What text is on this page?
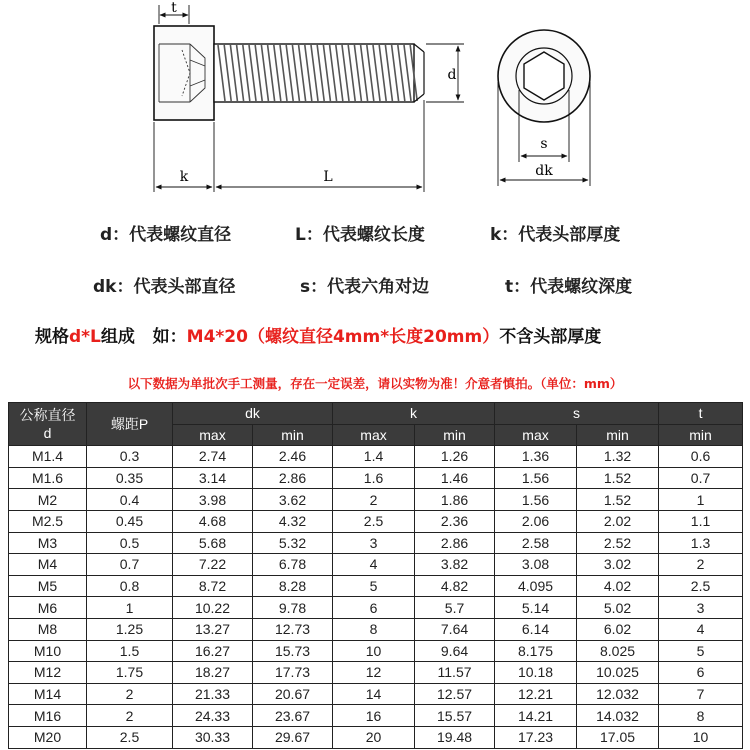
t
d
k	L
s
dk
d：代表螺纹直径	L：代表螺纹长度	k：代表头部厚度
dk：代表头部直径	s：代表六角对边	t：代表螺纹深度
规格d*L组成   如：M4*20（螺纹直径4mm*长度20mm）不含头部厚度
以下数据为单批次手工测量，存在一定误差，请以实物为准！介意者慎拍。（单位：mm）
公称直径
d	螺距P	dk		k		s		t
		max	min	max	min	max	min	min
M1.4	0.3	2.74	2.46	1.4	1.26	1.36	1.32	0.6
M1.6	0.35	3.14	2.86	1.6	1.46	1.56	1.52	0.7
M2	0.4	3.98	3.62	2	1.86	1.56	1.52	1
M2.5	0.45	4.68	4.32	2.5	2.36	2.06	2.02	1.1
M3	0.5	5.68	5.32	3	2.86	2.58	2.52	1.3
M4	0.7	7.22	6.78	4	3.82	3.08	3.02	2
M5	0.8	8.72	8.28	5	4.82	4.095	4.02	2.5
M6	1	10.22	9.78	6	5.7	5.14	5.02	3
M8	1.25	13.27	12.73	8	7.64	6.14	6.02	4
M10	1.5	16.27	15.73	10	9.64	8.175	8.025	5
M12	1.75	18.27	17.73	12	11.57	10.18	10.025	6
M14	2	21.33	20.67	14	12.57	12.21	12.032	7
M16	2	24.33	23.67	16	15.57	14.21	14.032	8
M20	2.5	30.33	29.67	20	19.48	17.23	17.05	10
